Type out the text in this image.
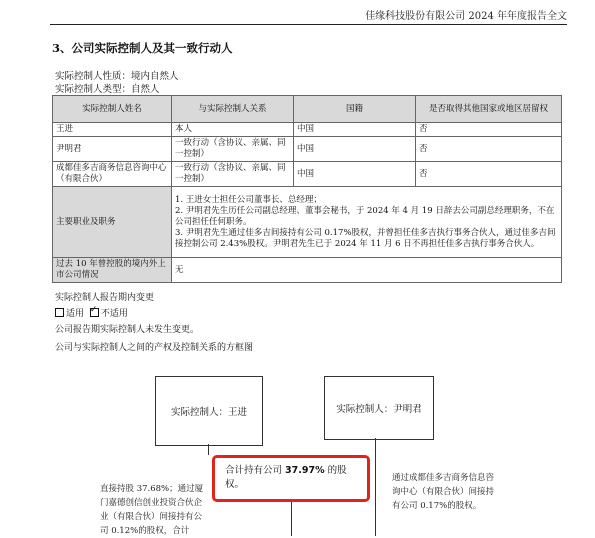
佳缘科技股份有限公司 2024 年年度报告全文
3、公司实际控制人及其一致行动人
实际控制人性质：境内自然人
实际控制人类型：自然人
实际控制人姓名	与实际控制人关系	国籍	是否取得其他国家或地区居留权
王进	本人	中国	否
尹明君	一致行动（含协议、亲属、同一控制）	中国	否
成都佳多吉商务信息咨询中心（有限合伙）	一致行动（含协议、亲属、同一控制）	中国	否
主要职业及职务	1. 王进女士担任公司董事长、总经理；
2. 尹明君先生历任公司副总经理、董事会秘书，于 2024 年 4 月 19 日辞去公司副总经理职务，不在公司担任任何职务。
3. 尹明君先生通过佳多吉间接持有公司 0.17%股权，并曾担任佳多吉执行事务合伙人，通过佳多吉间接控制公司 2.43%股权。尹明君先生已于 2024 年 11 月 6 日不再担任佳多吉执行事务合伙人。		

过去 10 年曾控股的境内外上市公司情况	无		
实际控制人报告期内变更
适用 ✓ 不适用
公司报告期实际控制人未发生变更。
公司与实际控制人之间的产权及控制关系的方框图
实际控制人：王进	实际控制人：尹明君
直接持股 37.68%；通过厦门嘉德创信创业投资合伙企业（有限合伙）间接持有公司 0.12%的股权，合计
通过成都佳多吉商务信息咨询中心（有限合伙）间接持有公司 0.17%的股权。
合计持有公司 37.97% 的股权。
